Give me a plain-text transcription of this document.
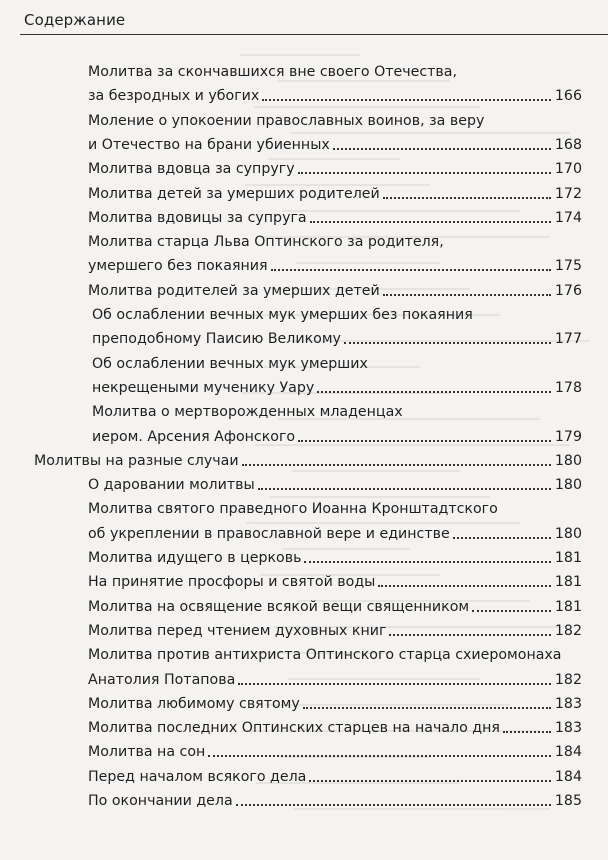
Содержание
Молитва за скончавшихся вне своего Отечества,
за безродных и убогих	166
Моление о упокоении православных воинов, за веру
и Отечество на брани убиенных	168
Молитва вдовца за супругу	170
Молитва детей за умерших родителей	172
Молитва вдовицы за супруга	174
Молитва старца Льва Оптинского за родителя,
умершего без покаяния	175
Молитва родителей за умерших детей	176
Об ослаблении вечных мук умерших без покаяния
преподобному Паисию Великому	177
Об ослаблении вечных мук умерших
некрещеными мученику Уару	178
Молитва о мертворожденных младенцах
иером. Арсения Афонского	179
Молитвы на разные случаи	180
О даровании молитвы	180
Молитва святого праведного Иоанна Кронштадтского
об укреплении в православной вере и единстве	180
Молитва идущего в церковь	181
На принятие просфоры и святой воды	181
Молитва на освящение всякой вещи священником	181
Молитва перед чтением духовных книг	182
Молитва против антихриста Оптинского старца схиеромонаха
Анатолия Потапова	182
Молитва любимому святому	183
Молитва последних Оптинских старцев на начало дня	183
Молитва на сон	184
Перед началом всякого дела	184
По окончании дела	185
